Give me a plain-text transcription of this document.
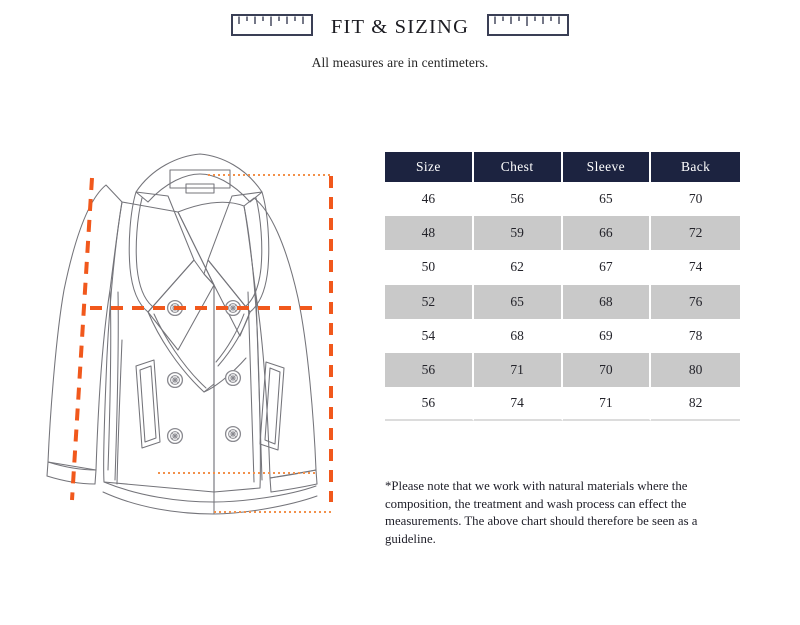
FIT & SIZING
All measures are in centimeters.
Size	Chest	Sleeve	Back
46	56	65	70
48	59	66	72
50	62	67	74
52	65	68	76
54	68	69	78
56	71	70	80
56	74	71	82
*Please note that we work with natural materials where the composition, the treatment and wash process can effect the measurements. The above chart should therefore be seen as a guideline.
